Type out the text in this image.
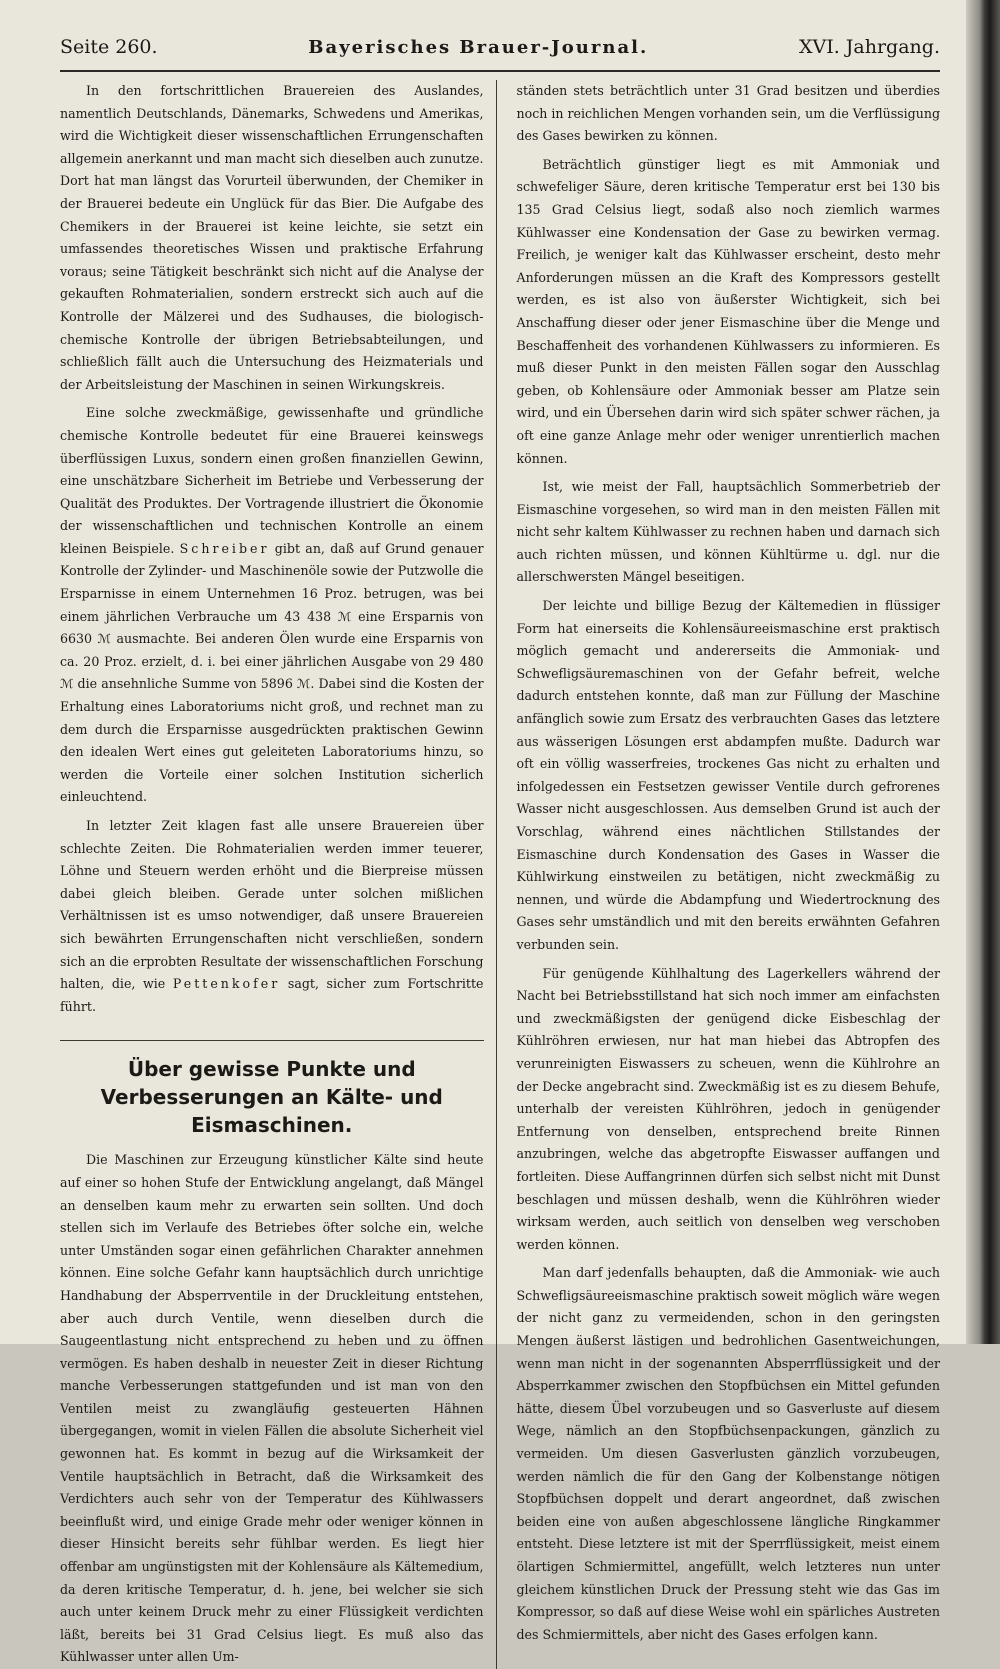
Seite 260.	Bayerisches Brauer-Journal.	XVI. Jahrgang.

In den fortschrittlichen Brauereien des Auslandes, namentlich Deutschlands, Dänemarks, Schwedens und Amerikas, wird die Wichtigkeit dieser wissenschaftlichen Errungenschaften allgemein anerkannt und man macht sich dieselben auch zunutze. Dort hat man längst das Vorurteil überwunden, der Chemiker in der Brauerei bedeute ein Unglück für das Bier. Die Aufgabe des Chemikers in der Brauerei ist keine leichte, sie setzt ein umfassendes theoretisches Wissen und praktische Erfahrung voraus; seine Tätigkeit beschränkt sich nicht auf die Analyse der gekauften Rohmaterialien, sondern erstreckt sich auch auf die Kontrolle der Mälzerei und des Sudhauses, die biologisch-chemische Kontrolle der übrigen Betriebsabteilungen, und schließlich fällt auch die Untersuchung des Heizmaterials und der Arbeitsleistung der Maschinen in seinen Wirkungskreis.

Eine solche zweckmäßige, gewissenhafte und gründliche chemische Kontrolle bedeutet für eine Brauerei keinswegs überflüssigen Luxus, sondern einen großen finanziellen Gewinn, eine unschätzbare Sicherheit im Betriebe und Verbesserung der Qualität des Produktes. Der Vortragende illustriert die Ökonomie der wissenschaftlichen und technischen Kontrolle an einem kleinen Beispiele. Schreiber gibt an, daß auf Grund genauer Kontrolle der Zylinder- und Maschinenöle sowie der Putzwolle die Ersparnisse in einem Unternehmen 16 Proz. betrugen, was bei einem jährlichen Verbrauche um 43 438 ℳ eine Ersparnis von 6630 ℳ ausmachte. Bei anderen Ölen wurde eine Ersparnis von ca. 20 Proz. erzielt, d. i. bei einer jährlichen Ausgabe von 29 480 ℳ die ansehnliche Summe von 5896 ℳ. Dabei sind die Kosten der Erhaltung eines Laboratoriums nicht groß, und rechnet man zu dem durch die Ersparnisse ausgedrückten praktischen Gewinn den idealen Wert eines gut geleiteten Laboratoriums hinzu, so werden die Vorteile einer solchen Institution sicherlich einleuchtend.

In letzter Zeit klagen fast alle unsere Brauereien über schlechte Zeiten. Die Rohmaterialien werden immer teuerer, Löhne und Steuern werden erhöht und die Bierpreise müssen dabei gleich bleiben. Gerade unter solchen mißlichen Verhältnissen ist es umso notwendiger, daß unsere Brauereien sich bewährten Errungenschaften nicht verschließen, sondern sich an die erprobten Resultate der wissenschaftlichen Forschung halten, die, wie Pettenkofer sagt, sicher zum Fortschritte führt.

Über gewisse Punkte und Verbesserungen an Kälte- und Eismaschinen.

Die Maschinen zur Erzeugung künstlicher Kälte sind heute auf einer so hohen Stufe der Entwicklung angelangt, daß Mängel an denselben kaum mehr zu erwarten sein sollten. Und doch stellen sich im Verlaufe des Betriebes öfter solche ein, welche unter Umständen sogar einen gefährlichen Charakter annehmen können. Eine solche Gefahr kann hauptsächlich durch unrichtige Handhabung der Absperrventile in der Druckleitung entstehen, aber auch durch Ventile, wenn dieselben durch die Saugeentlastung nicht entsprechend zu heben und zu öffnen vermögen. Es haben deshalb in neuester Zeit in dieser Richtung manche Verbesserungen stattgefunden und ist man von den Ventilen meist zu zwangläufig gesteuerten Hähnen übergegangen, womit in vielen Fällen die absolute Sicherheit viel gewonnen hat. Es kommt in bezug auf die Wirksamkeit der Ventile hauptsächlich in Betracht, daß die Wirksamkeit des Verdichters auch sehr von der Temperatur des Kühlwassers beeinflußt wird, und einige Grade mehr oder weniger können in dieser Hinsicht bereits sehr fühlbar werden. Es liegt hier offenbar am ungünstigsten mit der Kohlensäure als Kältemedium, da deren kritische Temperatur, d. h. jene, bei welcher sie sich auch unter keinem Druck mehr zu einer Flüssigkeit verdichten läßt, bereits bei 31 Grad Celsius liegt. Es muß also das Kühlwasser unter allen Um-

ständen stets beträchtlich unter 31 Grad besitzen und überdies noch in reichlichen Mengen vorhanden sein, um die Verflüssigung des Gases bewirken zu können.

Beträchtlich günstiger liegt es mit Ammoniak und schwefeliger Säure, deren kritische Temperatur erst bei 130 bis 135 Grad Celsius liegt, sodaß also noch ziemlich warmes Kühlwasser eine Kondensation der Gase zu bewirken vermag. Freilich, je weniger kalt das Kühlwasser erscheint, desto mehr Anforderungen müssen an die Kraft des Kompressors gestellt werden, es ist also von äußerster Wichtigkeit, sich bei Anschaffung dieser oder jener Eismaschine über die Menge und Beschaffenheit des vorhandenen Kühlwassers zu informieren. Es muß dieser Punkt in den meisten Fällen sogar den Ausschlag geben, ob Kohlensäure oder Ammoniak besser am Platze sein wird, und ein Übersehen darin wird sich später schwer rächen, ja oft eine ganze Anlage mehr oder weniger unrentierlich machen können.

Ist, wie meist der Fall, hauptsächlich Sommerbetrieb der Eismaschine vorgesehen, so wird man in den meisten Fällen mit nicht sehr kaltem Kühlwasser zu rechnen haben und darnach sich auch richten müssen, und können Kühltürme u. dgl. nur die allerschwersten Mängel beseitigen.

Der leichte und billige Bezug der Kältemedien in flüssiger Form hat einerseits die Kohlensäureeismaschine erst praktisch möglich gemacht und andererseits die Ammoniak- und Schwefligsäuremaschinen von der Gefahr befreit, welche dadurch entstehen konnte, daß man zur Füllung der Maschine anfänglich sowie zum Ersatz des verbrauchten Gases das letztere aus wässerigen Lösungen erst abdampfen mußte. Dadurch war oft ein völlig wasserfreies, trockenes Gas nicht zu erhalten und infolgedessen ein Festsetzen gewisser Ventile durch gefrorenes Wasser nicht ausgeschlossen. Aus demselben Grund ist auch der Vorschlag, während eines nächtlichen Stillstandes der Eismaschine durch Kondensation des Gases in Wasser die Kühlwirkung einstweilen zu betätigen, nicht zweckmäßig zu nennen, und würde die Abdampfung und Wiedertrocknung des Gases sehr umständlich und mit den bereits erwähnten Gefahren verbunden sein.

Für genügende Kühlhaltung des Lagerkellers während der Nacht bei Betriebsstillstand hat sich noch immer am einfachsten und zweckmäßigsten der genügend dicke Eisbeschlag der Kühlröhren erwiesen, nur hat man hiebei das Abtropfen des verunreinigten Eiswassers zu scheuen, wenn die Kühlrohre an der Decke angebracht sind. Zweckmäßig ist es zu diesem Behufe, unterhalb der vereisten Kühlröhren, jedoch in genügender Entfernung von denselben, entsprechend breite Rinnen anzubringen, welche das abgetropfte Eiswasser auffangen und fortleiten. Diese Auffangrinnen dürfen sich selbst nicht mit Dunst beschlagen und müssen deshalb, wenn die Kühlröhren wieder wirksam werden, auch seitlich von denselben weg verschoben werden können.

Man darf jedenfalls behaupten, daß die Ammoniak- wie auch Schwefligsäureeismaschine praktisch soweit möglich wäre wegen der nicht ganz zu vermeidenden, schon in den geringsten Mengen äußerst lästigen und bedrohlichen Gasentweichungen, wenn man nicht in der sogenannten Absperrflüssigkeit und der Absperrkammer zwischen den Stopfbüchsen ein Mittel gefunden hätte, diesem Übel vorzubeugen und so Gasverluste auf diesem Wege, nämlich an den Stopfbüchsenpackungen, gänzlich zu vermeiden. Um diesen Gasverlusten gänzlich vorzubeugen, werden nämlich die für den Gang der Kolbenstange nötigen Stopfbüchsen doppelt und derart angeordnet, daß zwischen beiden eine von außen abgeschlossene längliche Ringkammer entsteht. Diese letztere ist mit der Sperrflüssigkeit, meist einem ölartigen Schmiermittel, angefüllt, welch letzteres nun unter gleichem künstlichen Druck der Pressung steht wie das Gas im Kompressor, so daß auf diese Weise wohl ein spärliches Austreten des Schmiermittels, aber nicht des Gases erfolgen kann.
